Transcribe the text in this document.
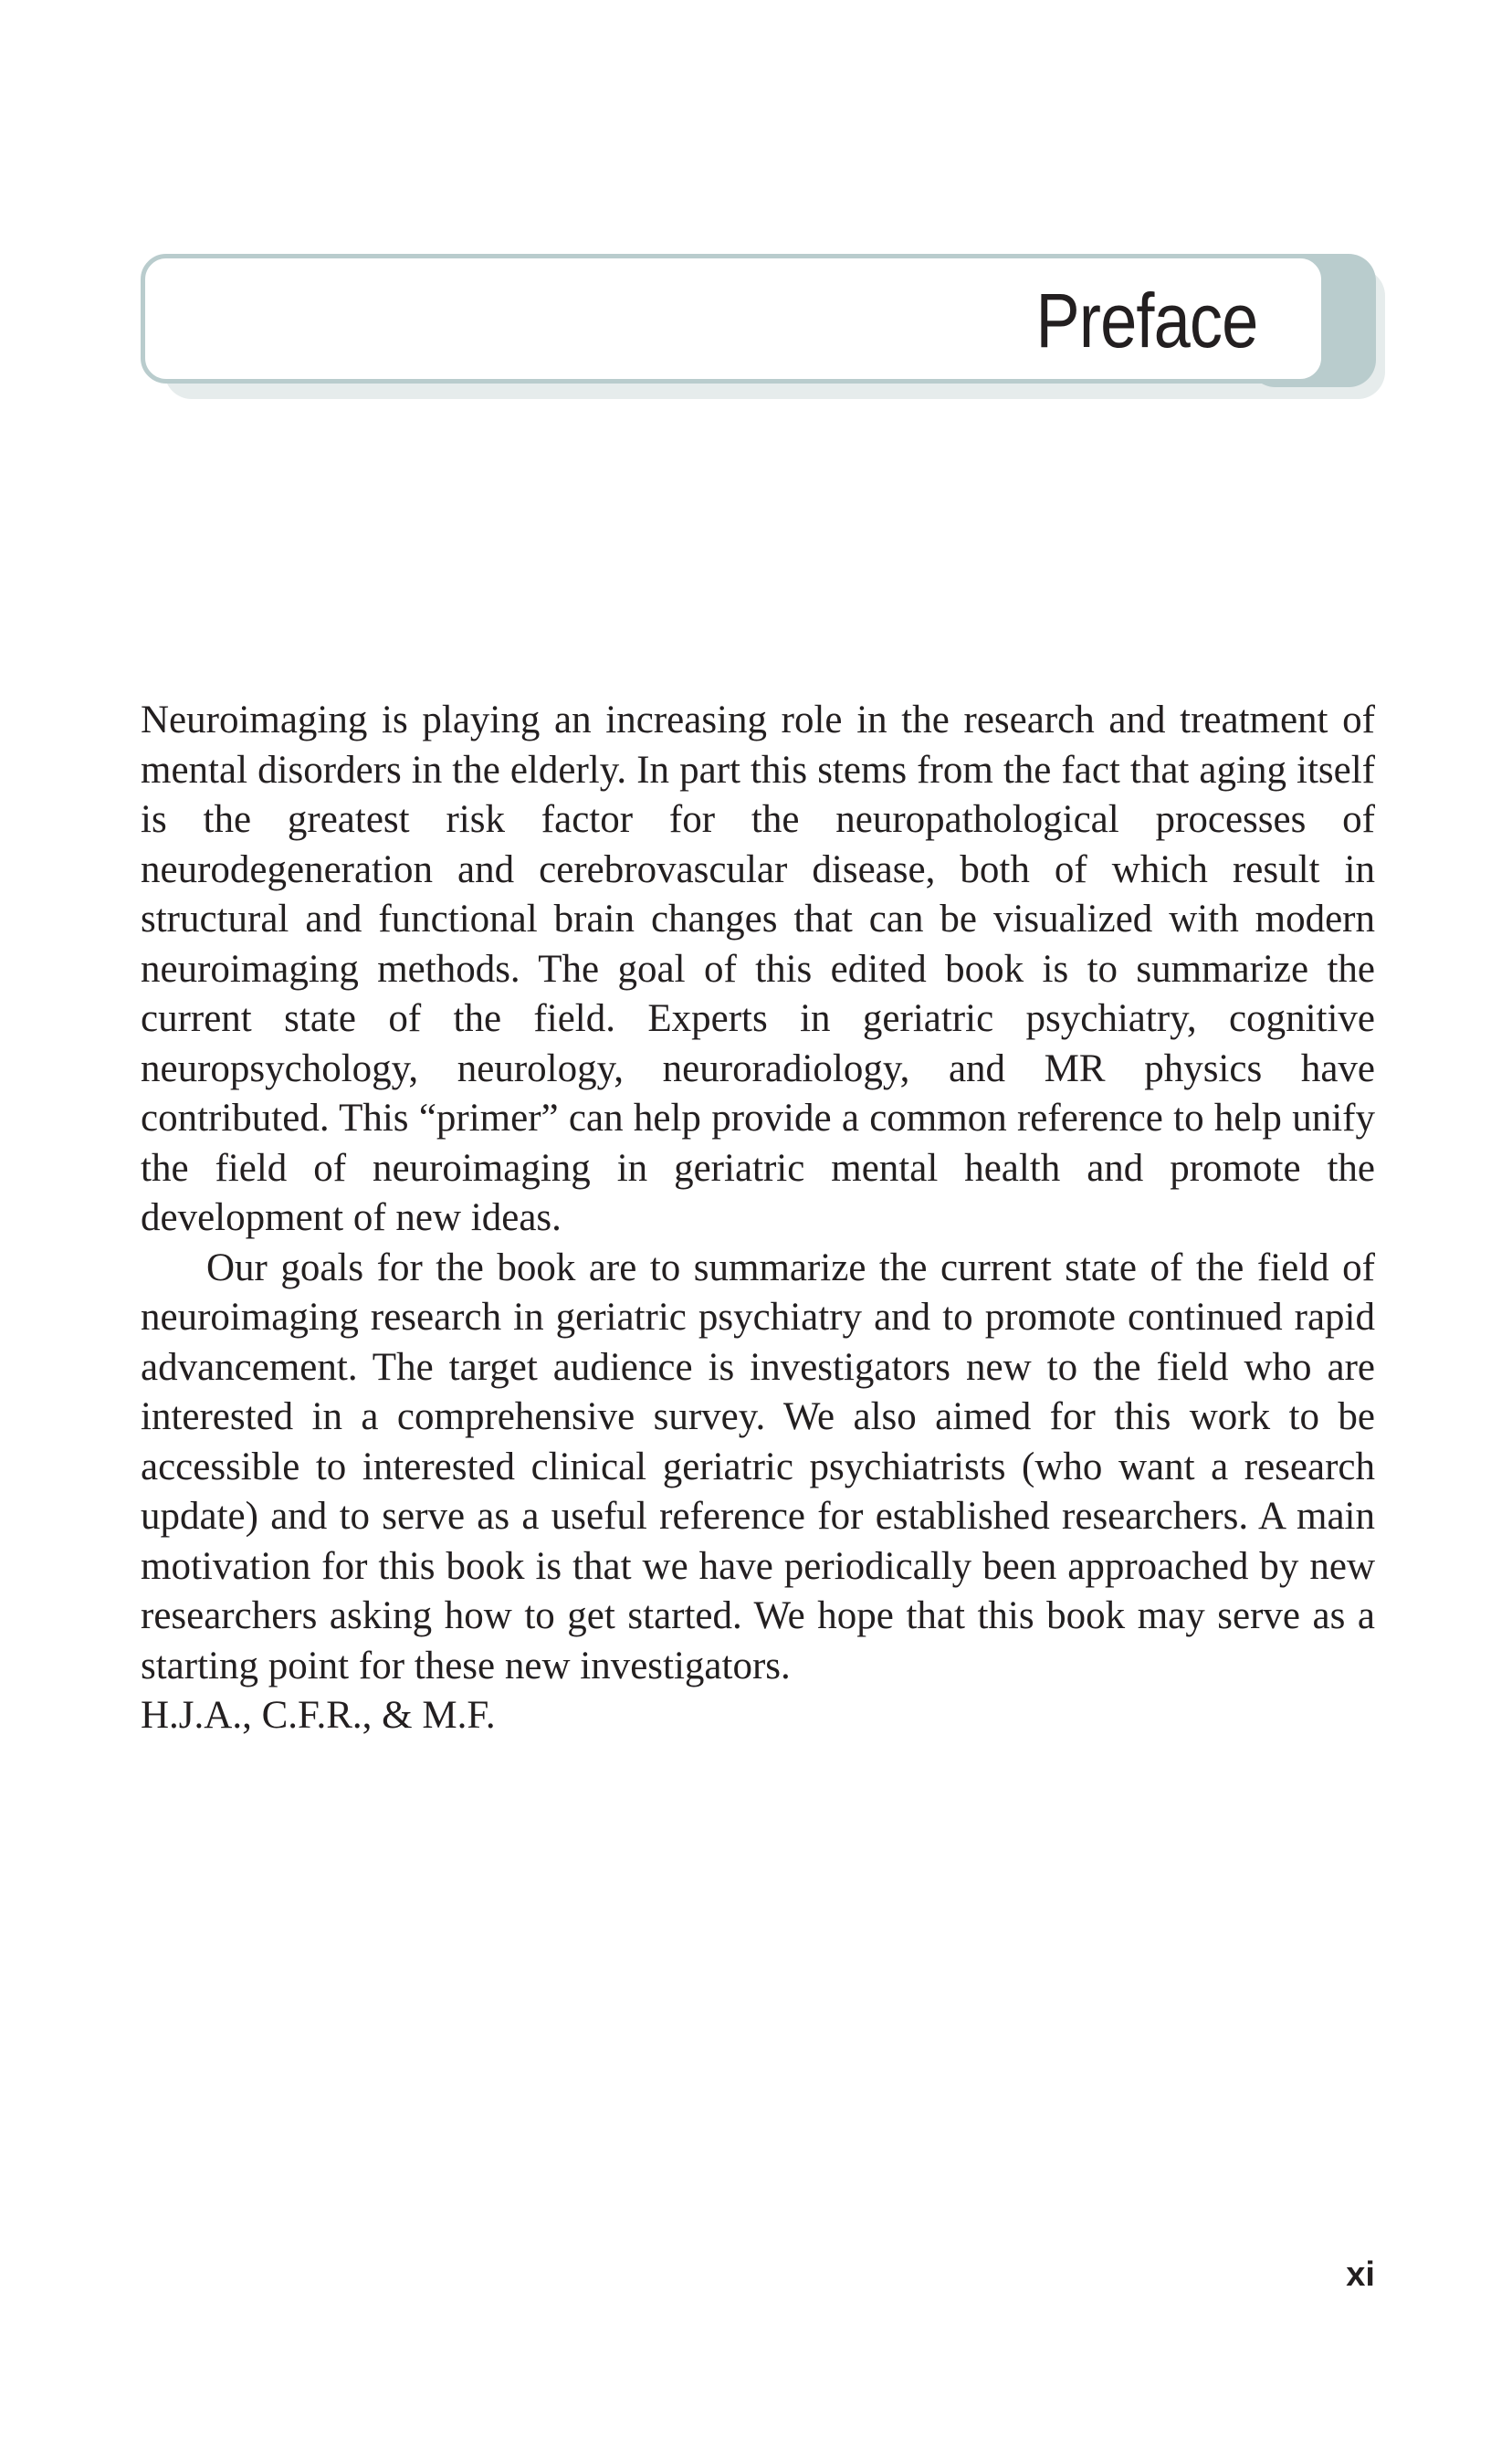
Preface

Neuroimaging is playing an increasing role in the research and treatment of mental disorders in the elderly. In part this stems from the fact that aging itself is the greatest risk factor for the neuropathological processes of neurodegeneration and cerebrovascular disease, both of which result in structural and functional brain changes that can be visualized with modern neuroimaging methods. The goal of this edited book is to summarize the current state of the field. Experts in geriatric psychiatry, cognitive neuropsychology, neurology, neuroradiology, and MR physics have contributed. This “primer” can help provide a common reference to help unify the field of neuroimaging in geriatric mental health and promote the development of new ideas.

Our goals for the book are to summarize the current state of the field of neuroimaging research in geriatric psychiatry and to promote continued rapid advancement. The target audience is investigators new to the field who are interested in a comprehensive survey. We also aimed for this work to be accessible to interested clinical geriatric psychiatrists (who want a research update) and to serve as a useful reference for established researchers. A main motivation for this book is that we have periodically been approached by new researchers asking how to get started. We hope that this book may serve as a starting point for these new investigators.

H.J.A., C.F.R., & M.F.

xi
